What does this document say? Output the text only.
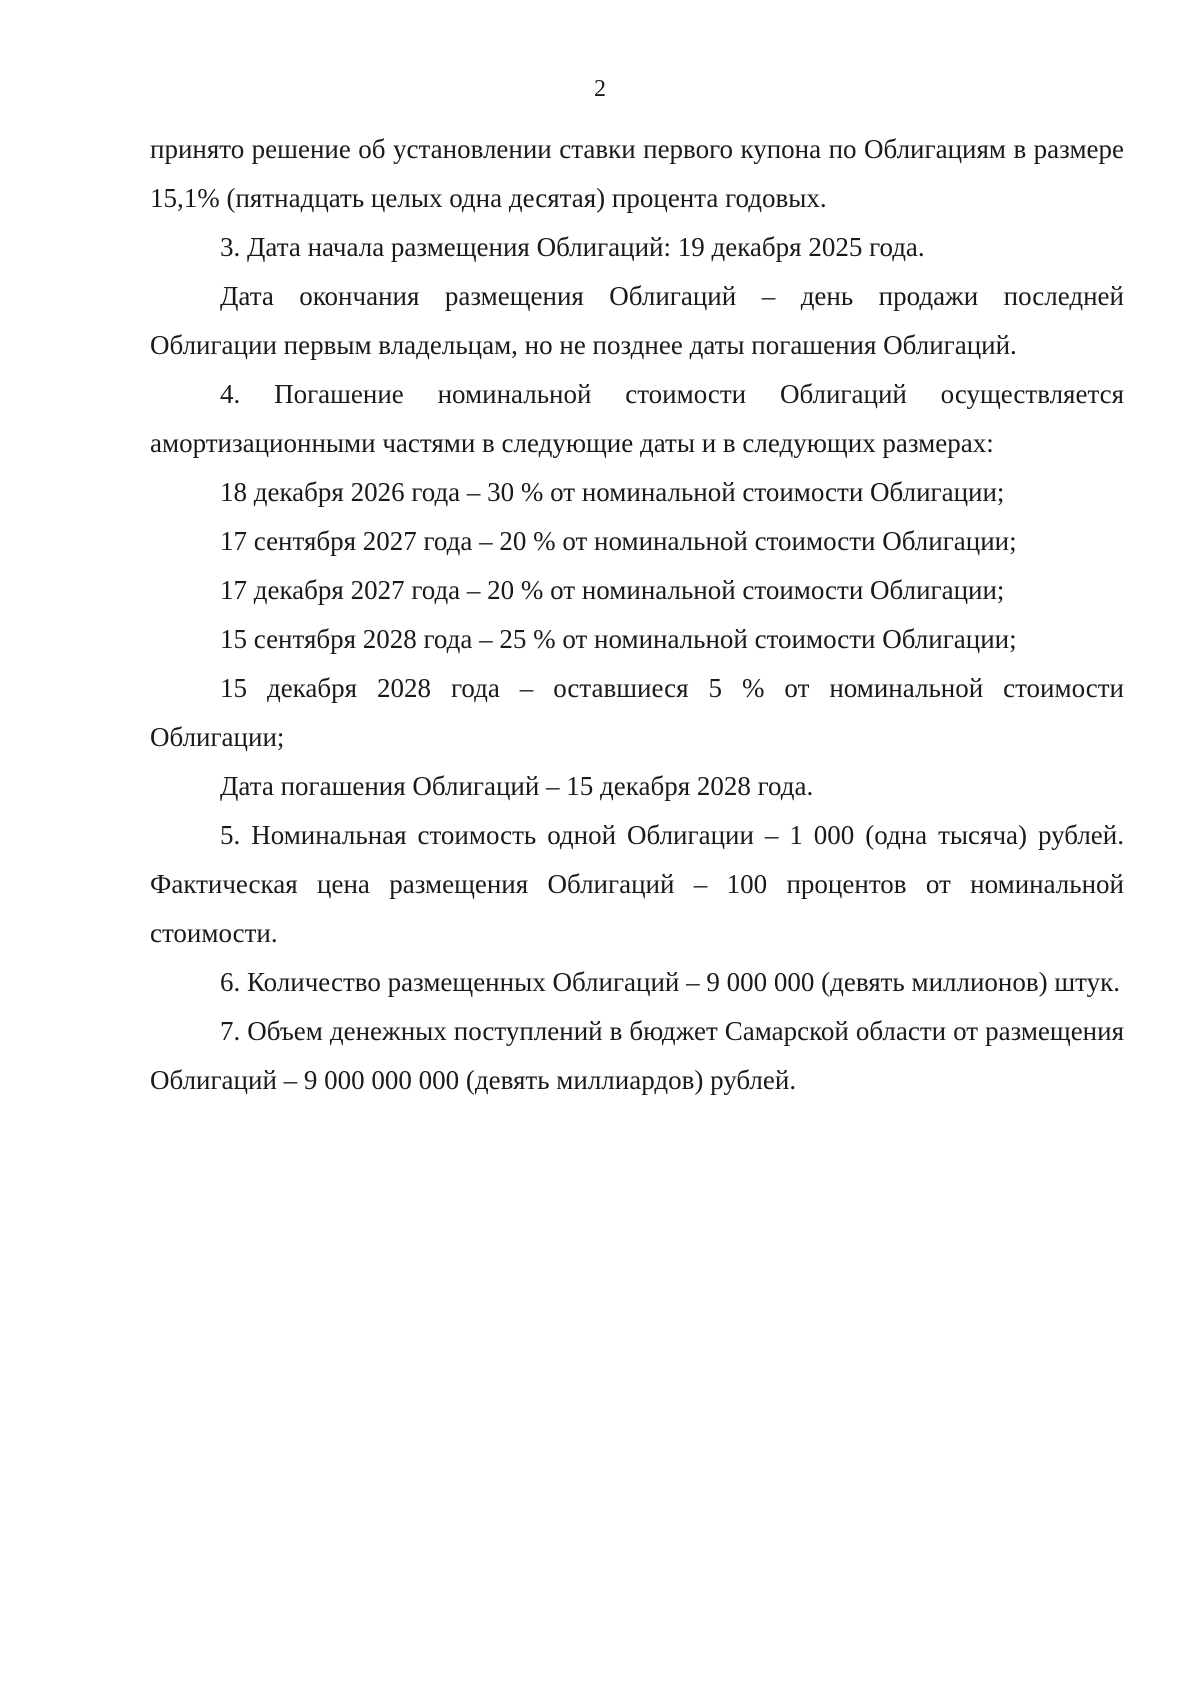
2

принято решение об установлении ставки первого купона по Облигациям в размере 15,1% (пятнадцать целых одна десятая) процента годовых.

3. Дата начала размещения Облигаций: 19 декабря 2025 года.

Дата окончания размещения Облигаций – день продажи последней Облигации первым владельцам, но не позднее даты погашения Облигаций.

4. Погашение номинальной стоимости Облигаций осуществляется амортизационными частями в следующие даты и в следующих размерах:

18 декабря 2026 года – 30 % от номинальной стоимости Облигации;

17 сентября 2027 года – 20 % от номинальной стоимости Облигации;

17 декабря 2027 года – 20 % от номинальной стоимости Облигации;

15 сентября 2028 года – 25 % от номинальной стоимости Облигации;

15 декабря 2028 года – оставшиеся 5 % от номинальной стоимости Облигации;

Дата погашения Облигаций – 15 декабря 2028 года.

5. Номинальная стоимость одной Облигации – 1 000 (одна тысяча) рублей. Фактическая цена размещения Облигаций – 100 процентов от номинальной стоимости.

6. Количество размещенных Облигаций – 9 000 000 (девять миллионов) штук.

7. Объем денежных поступлений в бюджет Самарской области от размещения Облигаций – 9 000 000 000 (девять миллиардов) рублей.
